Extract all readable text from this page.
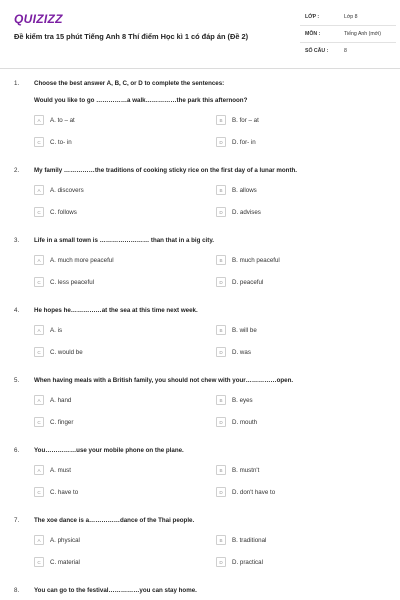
QUIZIZZ
Đề kiểm tra 15 phút Tiếng Anh 8 Thí điểm Học kì 1 có đáp án (Đề 2)
LỚP :	Lớp 8
MÔN :	Tiếng Anh (mới)
SỐ CÂU :	8
1. Choose the best answer A, B, C, or D to complete the sentences:
Would you like to go ……………a walk……………the park this afternoon?
A	A. to – at	B	B. for – at
C	C. to- in	D	D. for- in
2. My family ……………the traditions of cooking sticky rice on the first day of a lunar month.
A	A. discovers	B	B. allows
C	C. follows	D	D. advises
3. Life in a small town is …………………… than that in a big city.
A	A. much more peaceful	B	B. much peaceful
C	C. less peaceful	D	D. peaceful
4. He hopes he……………at the sea at this time next week.
A	A. is	B	B. will be
C	C. would be	D	D. was
5. When having meals with a British family, you should not chew with your……………open.
A	A. hand	B	B. eyes
C	C. finger	D	D. mouth
6. You……………use your mobile phone on the plane.
A	A. must	B	B. mustn't
C	C. have to	D	D. don't have to
7. The xoe dance is a……………dance of the Thai people.
A	A. physical	B	B. traditional
C	C. material	D	D. practical
8. You can go to the festival……………you can stay home.
